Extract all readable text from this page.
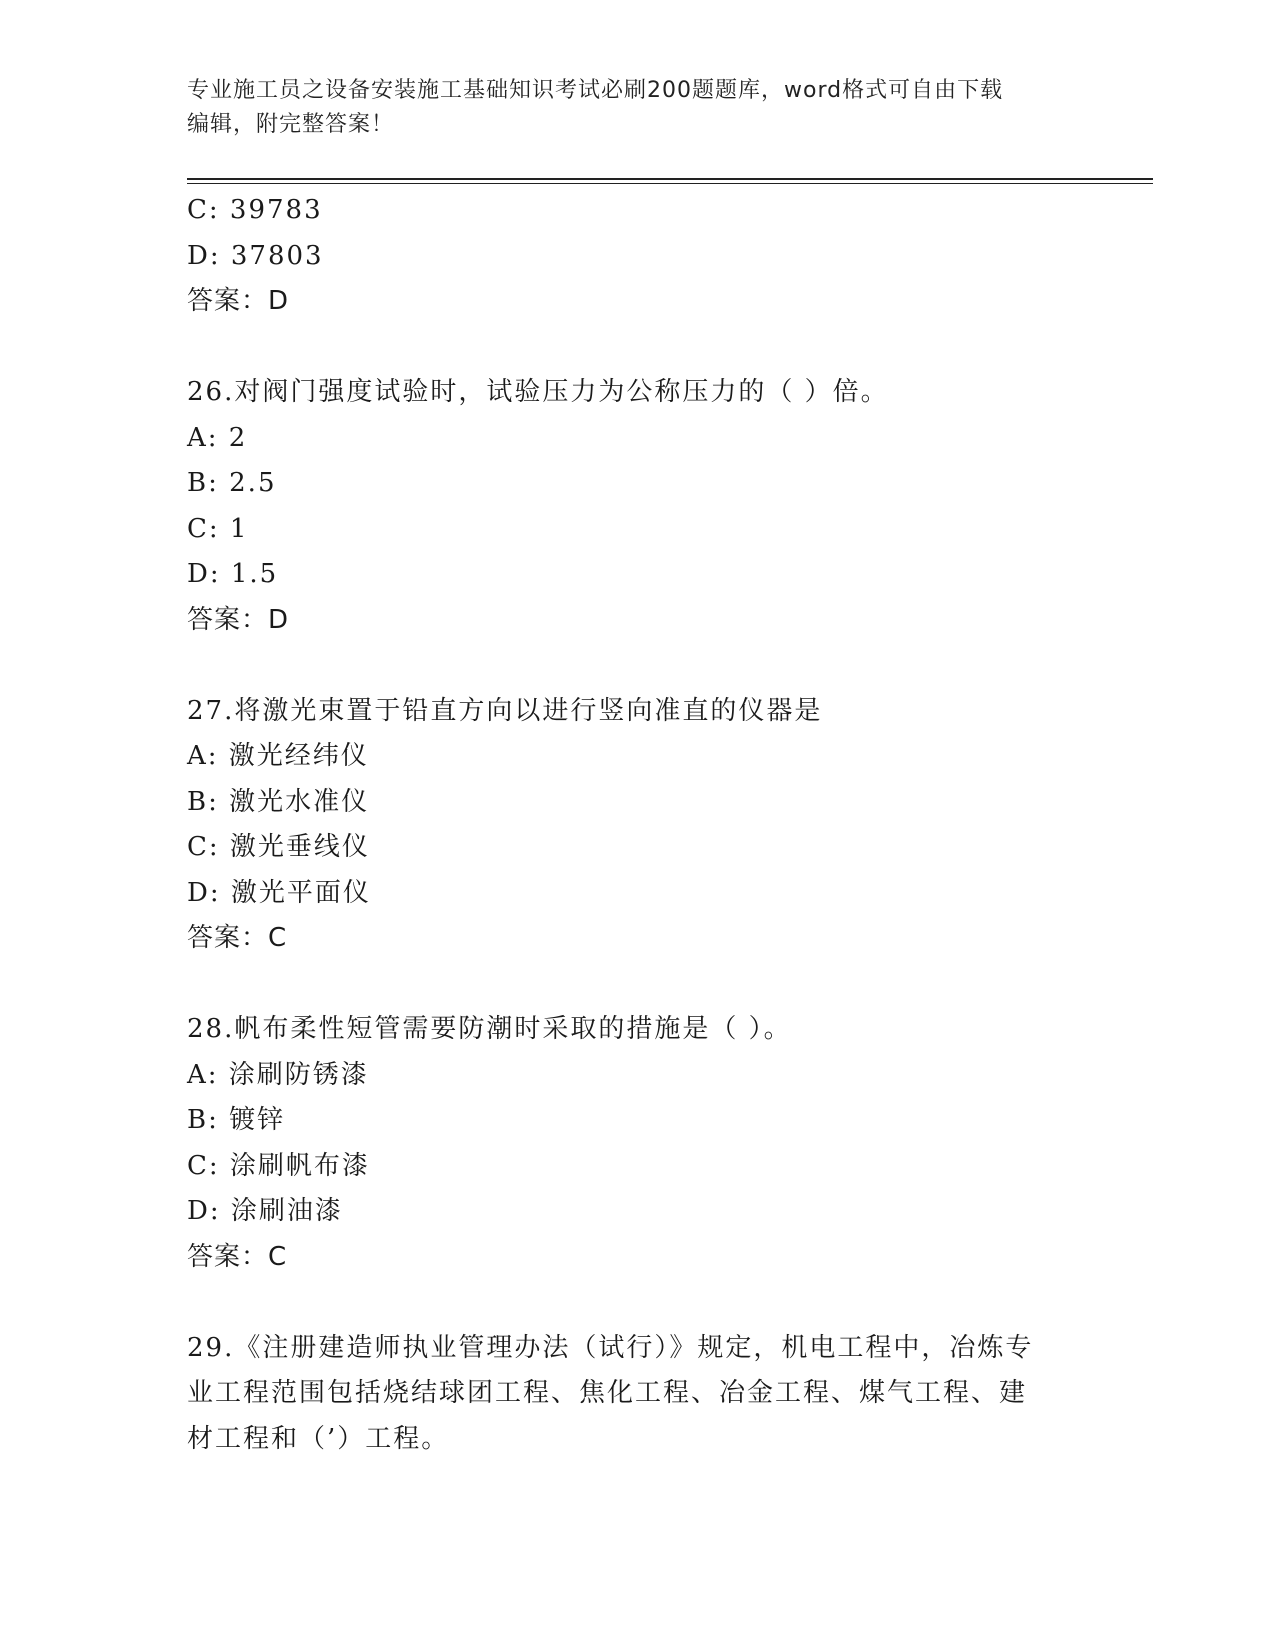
专业施工员之设备安装施工基础知识考试必刷200题题库，word格式可自由下载
编辑，附完整答案！
C: 39783
D: 37803
答案：D
26.对阀门强度试验时，试验压力为公称压力的（ ）倍。
A: 2
B: 2.5
C: 1
D: 1.5
答案：D
27.将激光束置于铅直方向以进行竖向准直的仪器是
A: 激光经纬仪
B: 激光水准仪
C: 激光垂线仪
D: 激光平面仪
答案：C
28.帆布柔性短管需要防潮时采取的措施是（ ）。
A: 涂刷防锈漆
B: 镀锌
C: 涂刷帆布漆
D: 涂刷油漆
答案：C
29.《注册建造师执业管理办法（试行）》规定，机电工程中，冶炼专
业工程范围包括烧结球团工程、焦化工程、冶金工程、煤气工程、建
材工程和（’）工程。
